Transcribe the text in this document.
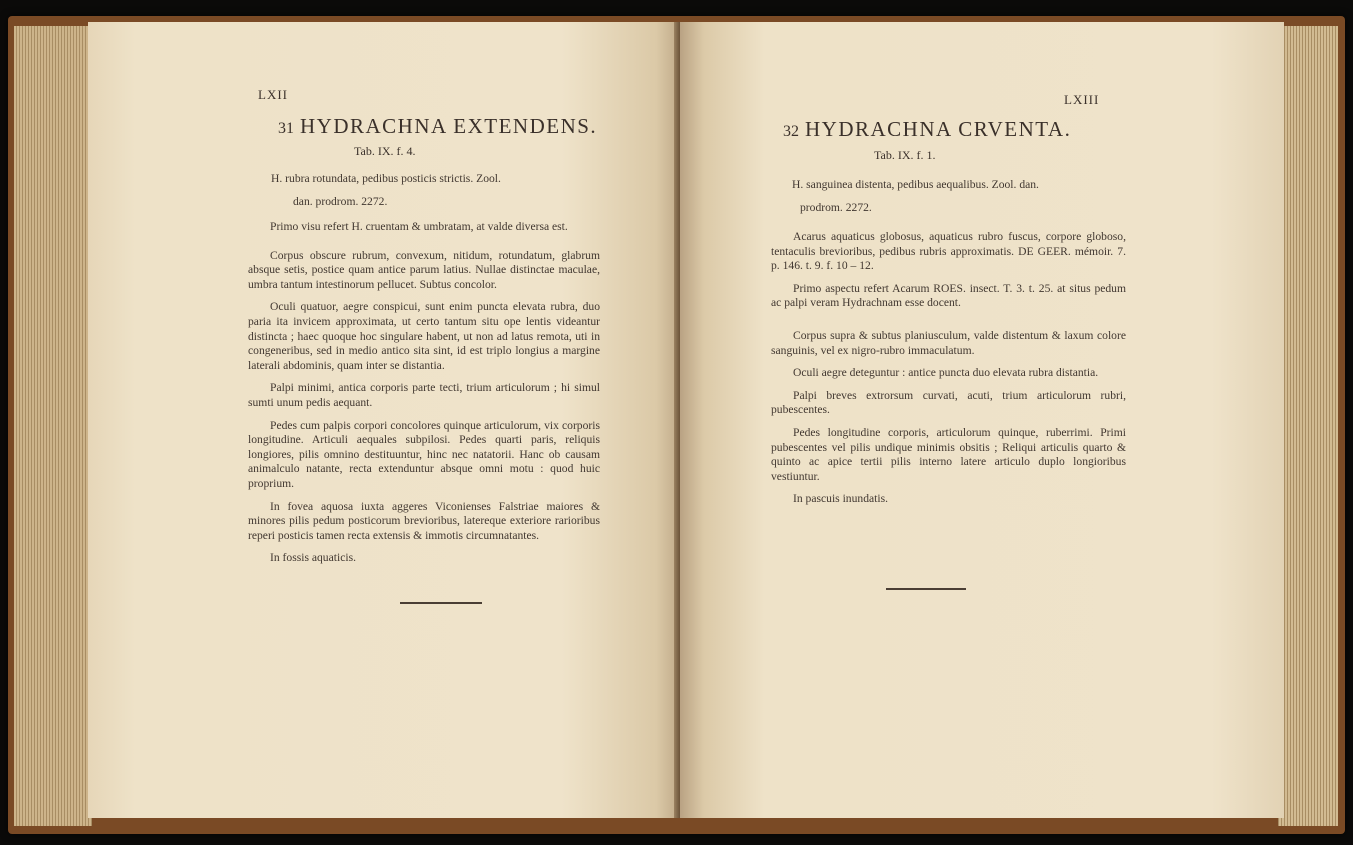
LXII
31 HYDRACHNA EXTENDENS.
Tab. IX. f. 4.

H. rubra rotundata, pedibus posticis strictis. Zool.

dan. prodrom. 2272.

Primo visu refert H. cruentam & umbratam, at valde diversa est.

Corpus obscure rubrum, convexum, nitidum, rotundatum, glabrum absque setis, postice quam antice parum latius. Nullae distinctae maculae, umbra tantum intestinorum pellucet. Subtus concolor.

Oculi quatuor, aegre conspicui, sunt enim puncta elevata rubra, duo paria ita invicem approximata, ut certo tantum situ ope lentis videantur distincta ; haec quoque hoc singulare habent, ut non ad latus remota, uti in congeneribus, sed in medio antico sita sint, id est triplo longius a margine laterali abdominis, quam inter se distantia.

Palpi minimi, antica corporis parte tecti, trium articulorum ; hi simul sumti unum pedis aequant.

Pedes cum palpis corpori concolores quinque articulorum, vix corporis longitudine. Articuli aequales subpilosi. Pedes quarti paris, reliquis longiores, pilis omnino destituuntur, hinc nec natatorii. Hanc ob causam animalculo natante, recta extenduntur absque omni motu : quod huic proprium.

In fovea aquosa iuxta aggeres Viconienses Falstriae maiores & minores pilis pedum posticorum brevioribus, latereque exteriore rarioribus reperi posticis tamen recta extensis & immotis circumnatantes.

In fossis aquaticis.

LXIII
32 HYDRACHNA CRVENTA.
Tab. IX. f. 1.

H. sanguinea distenta, pedibus aequalibus. Zool. dan.

prodrom. 2272.

Acarus aquaticus globosus, aquaticus rubro fuscus, corpore globoso, tentaculis brevioribus, pedibus rubris approximatis. DE GEER. mémoir. 7. p. 146. t. 9. f. 10 – 12.

Primo aspectu refert Acarum ROES. insect. T. 3. t. 25. at situs pedum ac palpi veram Hydrachnam esse docent.

Corpus supra & subtus planiusculum, valde distentum & laxum colore sanguinis, vel ex nigro-rubro immaculatum.

Oculi aegre deteguntur : antice puncta duo elevata rubra distantia.

Palpi breves extrorsum curvati, acuti, trium articulorum rubri, pubescentes.

Pedes longitudine corporis, articulorum quinque, ruberrimi. Primi pubescentes vel pilis undique minimis obsitis ; Reliqui articulis quarto & quinto ac apice tertii pilis interno latere articulo duplo longioribus vestiuntur.

In pascuis inundatis.
